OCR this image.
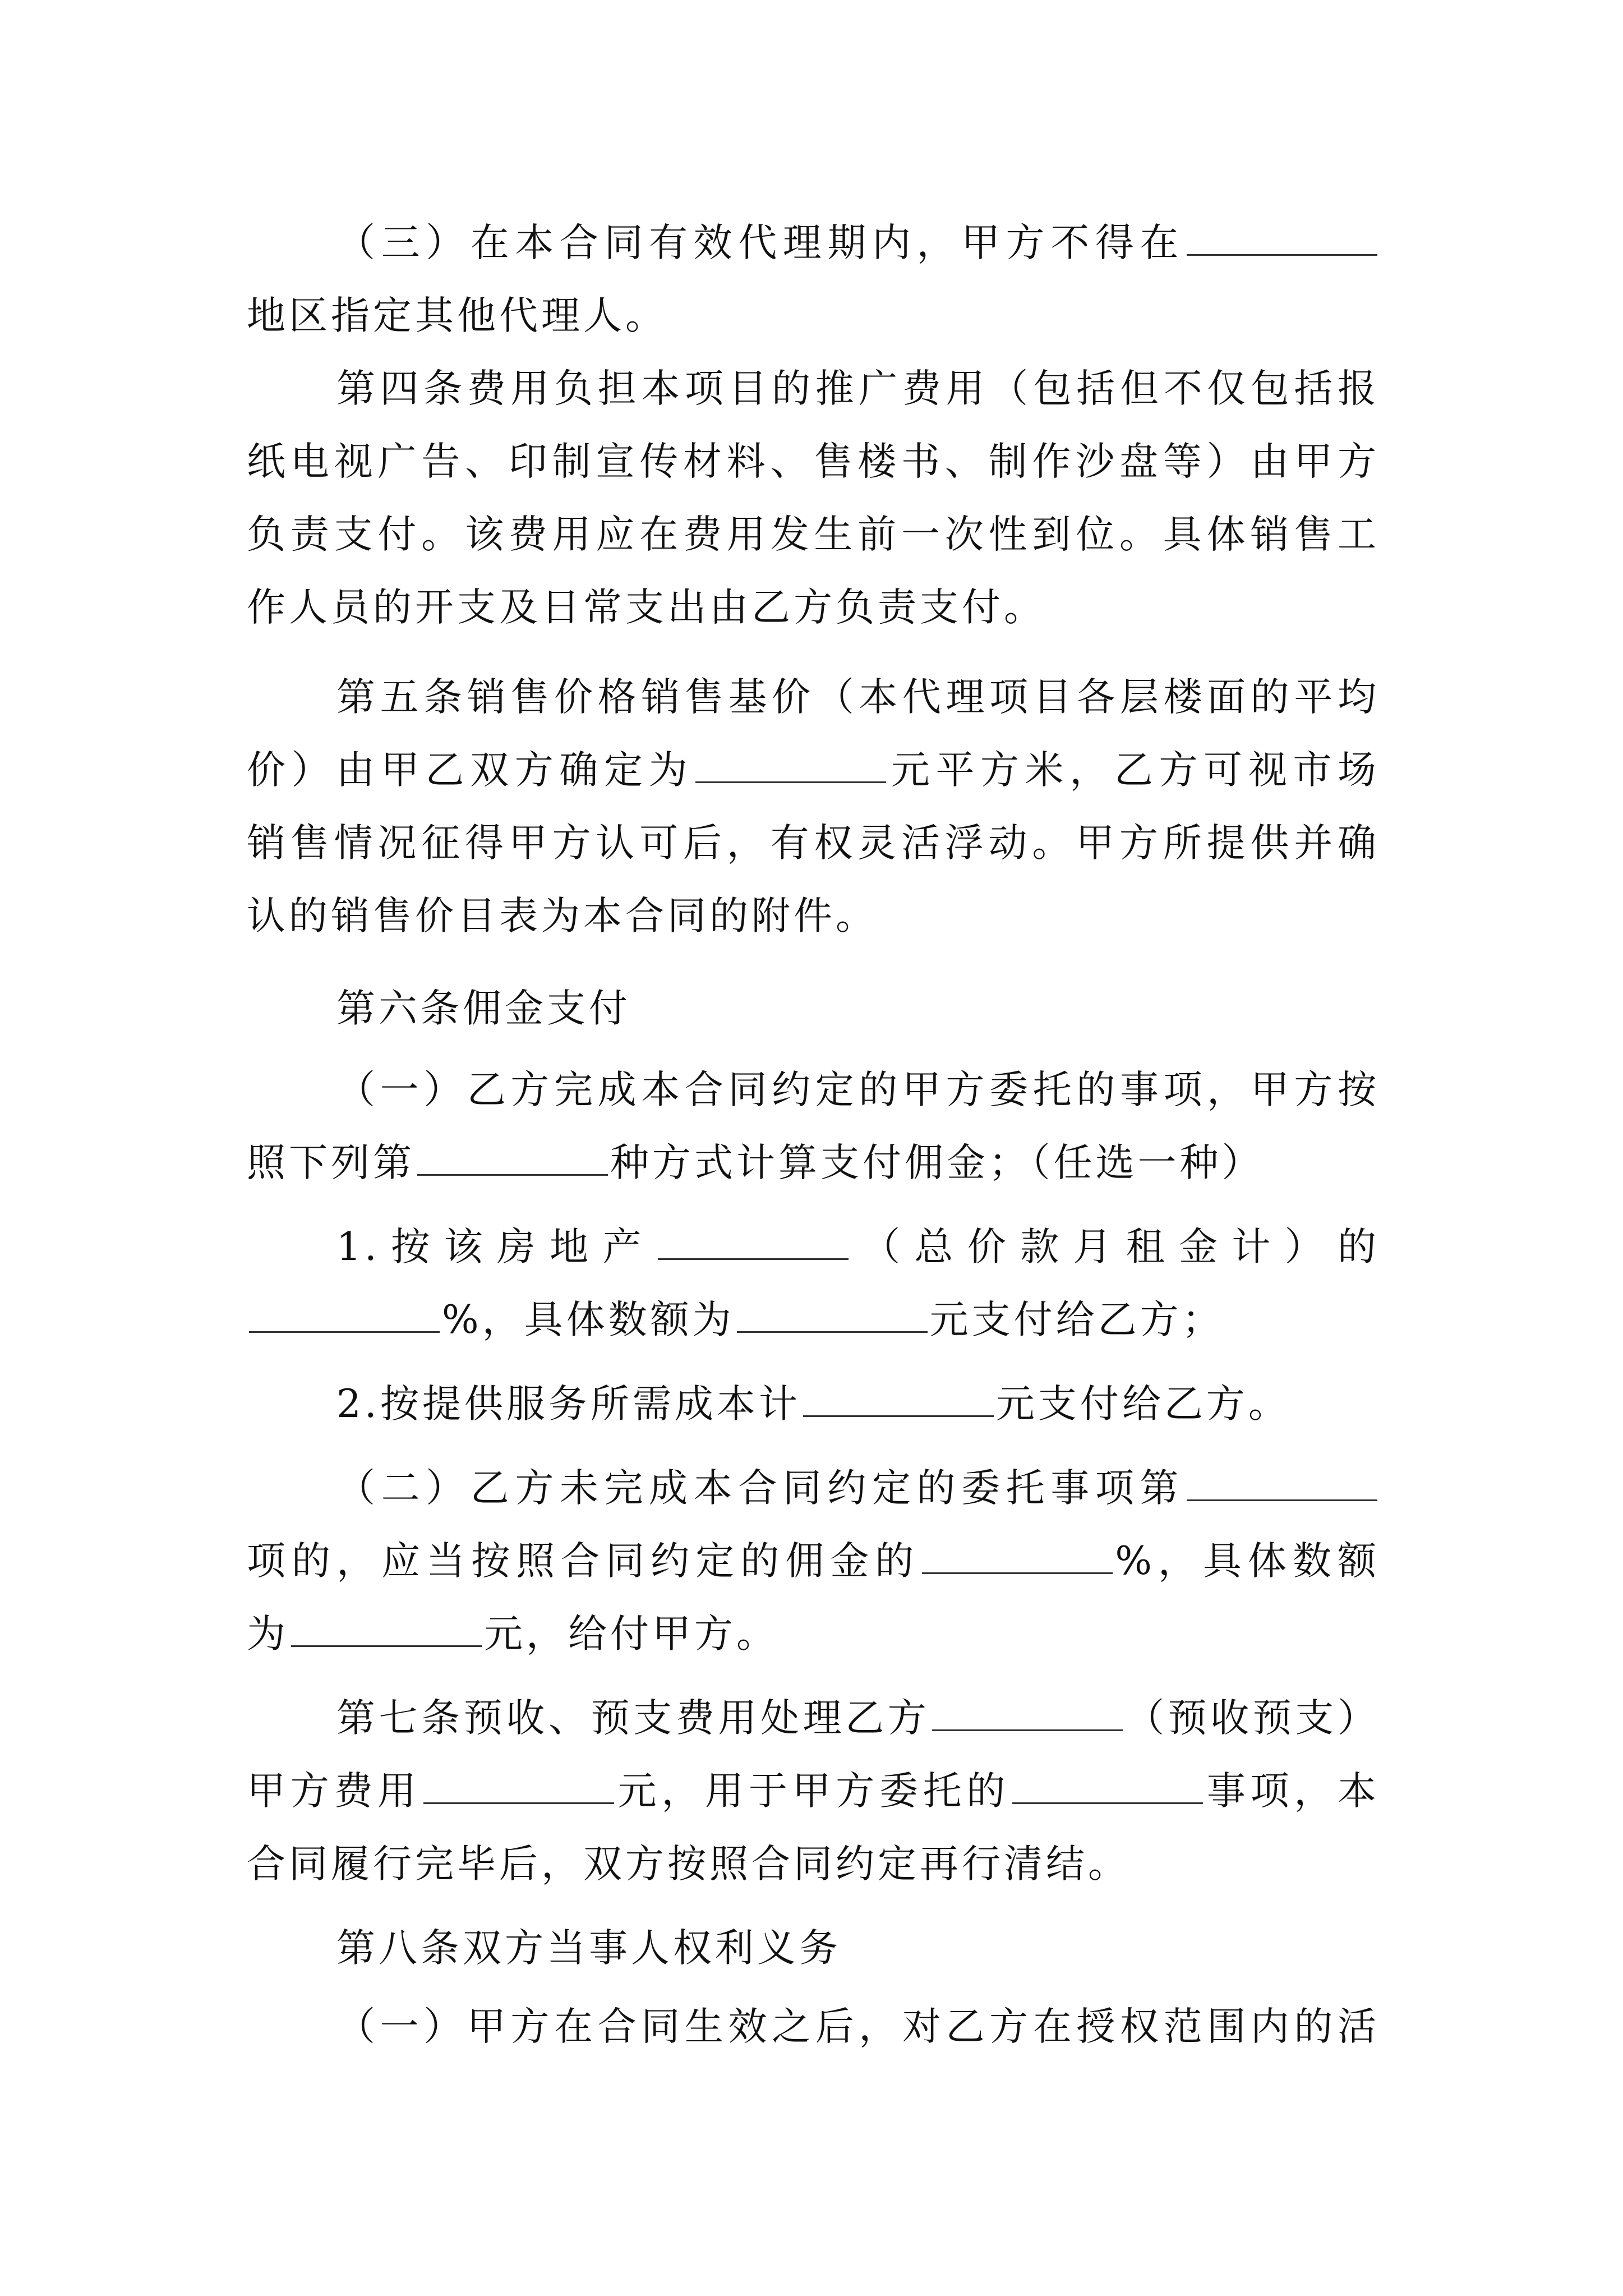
（三）在本合同有效代理期内，甲方不得在
地区指定其他代理人。
第四条费用负担本项目的推广费用（包括但不仅包括报
纸电视广告、印制宣传材料、售楼书、制作沙盘等）由甲方
负责支付。该费用应在费用发生前一次性到位。具体销售工
作人员的开支及日常支出由乙方负责支付。
第五条销售价格销售基价（本代理项目各层楼面的平均
价）由甲乙双方确定为	元平方米，乙方可视市场
销售情况征得甲方认可后，有权灵活浮动。甲方所提供并确
认的销售价目表为本合同的附件。
第六条佣金支付
（一）乙方完成本合同约定的甲方委托的事项，甲方按
照下列第	种方式计算支付佣金；（任选一种）
1.按该房地产	（总价款月租金计）的
%，具体数额为	元支付给乙方；
2.按提供服务所需成本计	元支付给乙方。
（二）乙方未完成本合同约定的委托事项第
项的，应当按照合同约定的佣金的	%，具体数额
为	元，给付甲方。
第七条预收、预支费用处理乙方	（预收预支）
甲方费用	元，用于甲方委托的	事项，本
合同履行完毕后，双方按照合同约定再行清结。
第八条双方当事人权利义务
（一）甲方在合同生效之后，对乙方在授权范围内的活
